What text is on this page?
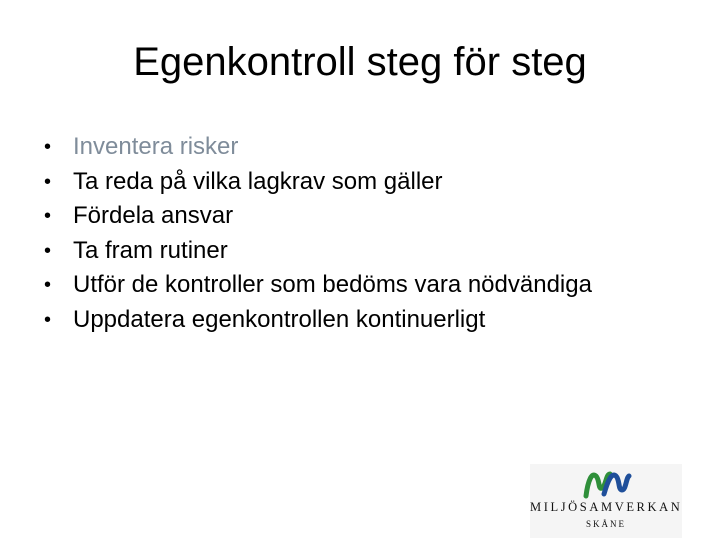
Egenkontroll steg för steg
• Inventera risker
• Ta reda på vilka lagkrav som gäller
• Fördela ansvar
• Ta fram rutiner
• Utför de kontroller som bedöms vara nödvändiga
• Uppdatera egenkontrollen kontinuerligt
MILJÖSAMVERKAN
SKÅNE
